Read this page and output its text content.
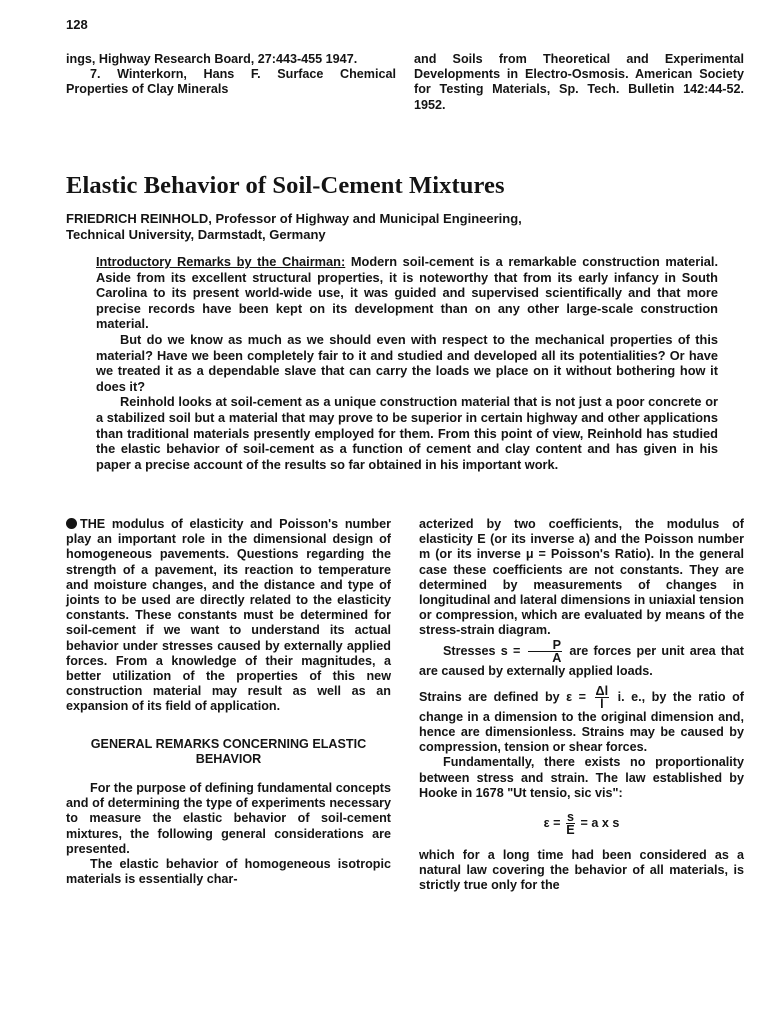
128
ings, Highway Research Board, 27:443-455 1947.
7. Winterkorn, Hans F. Surface Chemical Properties of Clay Minerals
and Soils from Theoretical and Experimental Developments in Electro-Osmosis. American Society for Testing Materials, Sp. Tech. Bulletin 142:44-52. 1952.
Elastic Behavior of Soil-Cement Mixtures
FRIEDRICH REINHOLD, Professor of Highway and Municipal Engineering,
Technical University, Darmstadt, Germany

Introductory Remarks by the Chairman: Modern soil-cement is a remarkable construction material. Aside from its excellent structural properties, it is noteworthy that from its early infancy in South Carolina to its present world-wide use, it was guided and supervised scientifically and that more precise records have been kept on its development than on any other large-scale construction material.

But do we know as much as we should even with respect to the mechanical properties of this material? Have we been completely fair to it and studied and developed all its potentialities? Or have we treated it as a dependable slave that can carry the loads we place on it without bothering how it does it?

Reinhold looks at soil-cement as a unique construction material that is not just a poor concrete or a stabilized soil but a material that may prove to be superior in certain highway and other applications than traditional materials presently employed for them. From this point of view, Reinhold has studied the elastic behavior of soil-cement as a function of cement and clay content and has given in his paper a precise account of the results so far obtained in his important work.

THE modulus of elasticity and Poisson's number play an important role in the dimensional design of homogeneous pavements. Questions regarding the strength of a pavement, its reaction to temperature and moisture changes, and the distance and type of joints to be used are directly related to the elasticity constants. These constants must be determined for soil-cement if we want to understand its actual behavior under stresses caused by externally applied forces. From a knowledge of their magnitudes, a better utilization of the properties of this new construction material may result as well as an expansion of its field of application.

GENERAL REMARKS CONCERNING ELASTIC BEHAVIOR

For the purpose of defining fundamental concepts and of determining the type of experiments necessary to measure the elastic behavior of soil-cement mixtures, the following general considerations are presented.

The elastic behavior of homogeneous isotropic materials is essentially char-

acterized by two coefficients, the modulus of elasticity E (or its inverse a) and the Poisson number m (or its inverse μ = Poisson's Ratio). In the general case these coefficients are not constants. They are determined by measurements of changes in longitudinal and lateral dimensions in uniaxial tension or compression, which are evaluated by means of the stress-strain diagram.

Stresses $s = \frac{P}{A}$ are forces per unit area that are caused by externally applied loads.

Strains are defined by $\varepsilon = \frac{\Delta l}{l} i$. e., by the ratio of change in a dimension to the original dimension and, hence are dimensionless. Strains may be caused by compression, tension or shear forces.

Fundamentally, there exists no proportionality between stress and strain. The law established by Hooke in 1678 "Ut tensio, sic vis":

$\varepsilon = \frac{s}{E} = a$ x s

which for a long time had been considered as a natural law covering the behavior of all materials, is strictly true only for the
